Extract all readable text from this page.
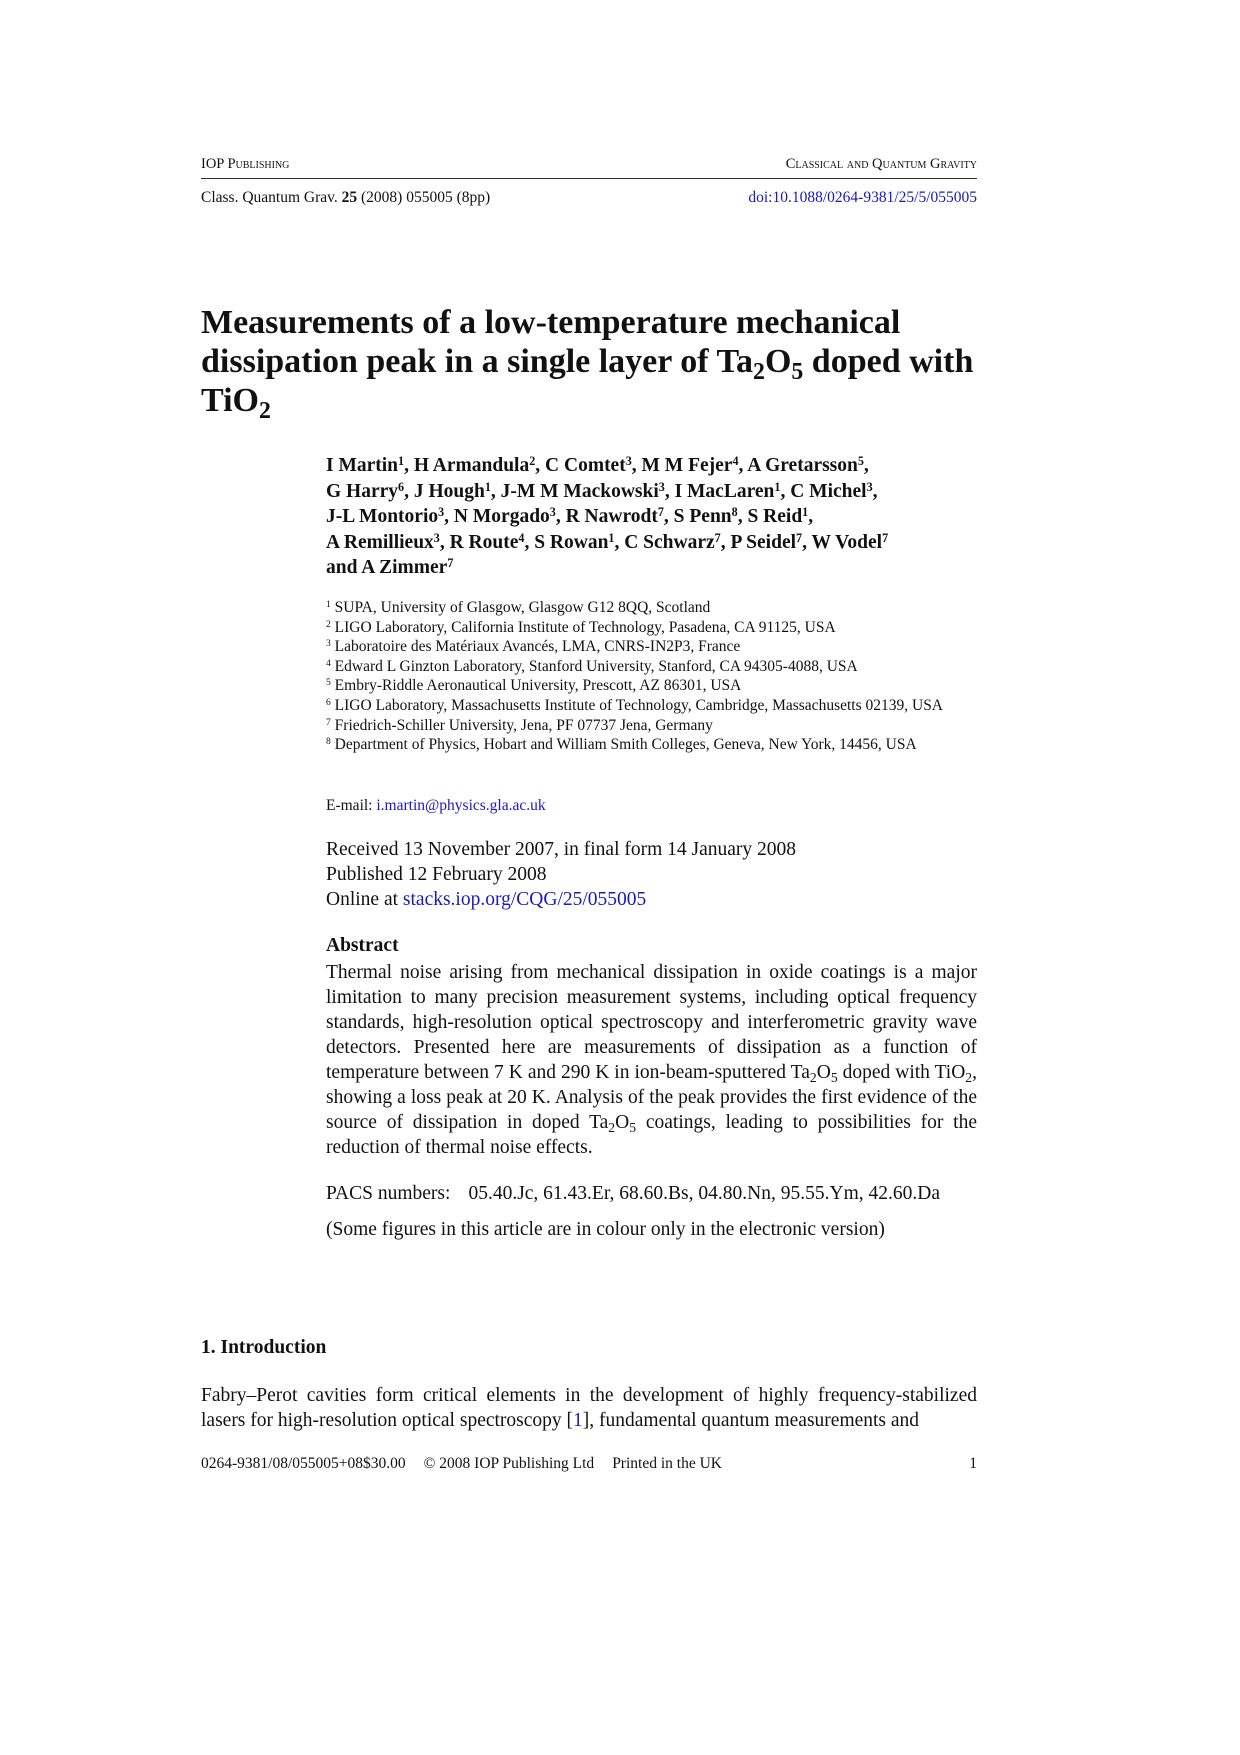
IOP Publishing	Classical and Quantum Gravity
Class. Quantum Grav. 25 (2008) 055005 (8pp)	doi:10.1088/0264-9381/25/5/055005
Measurements of a low-temperature mechanical
dissipation peak in a single layer of $Ta_2O_5$ doped with
TiO$_2$
I Martin$^1$, H Armandula$^2$, C Comtet$^3$, M M Fejer$^4$, A Gretarsson$^5$,
G Harry$^6$, J Hough$^1$, J-M M Mackowski$^3$, I MacLaren$^1$, C Michel$^3$,
J-L Montorio$^3$, N Morgado$^3$, R Nawrodt$^7$, S Penn$^8$, S Reid$^1$,
A Remillieux$^3$, R Route$^4$, S Rowan$^1$, C Schwarz$^7$, P Seidel$^7$, W Vodel$^7$
and A Zimmer$^7$
$^1$ SUPA, University of Glasgow, Glasgow G12 8QQ, Scotland
$^2$ LIGO Laboratory, California Institute of Technology, Pasadena, CA 91125, USA
$^3$ Laboratoire des Matériaux Avancés, LMA, CNRS-IN2P3, France
$^4$ Edward L Ginzton Laboratory, Stanford University, Stanford, CA 94305-4088, USA
$^5$ Embry-Riddle Aeronautical University, Prescott, AZ 86301, USA
$^6$ LIGO Laboratory, Massachusetts Institute of Technology, Cambridge, Massachusetts 02139, USA
$^7$ Friedrich-Schiller University, Jena, PF 07737 Jena, Germany
$^8$ Department of Physics, Hobart and William Smith Colleges, Geneva, New York, 14456, USA
E-mail: i.martin@physics.gla.ac.uk
Received 13 November 2007, in final form 14 January 2008
Published 12 February 2008
Online at stacks.iop.org/CQG/25/055005
Abstract
Thermal noise arising from mechanical dissipation in oxide coatings is a major limitation to many precision measurement systems, including optical frequency standards, high-resolution optical spectroscopy and interferometric gravity wave detectors. Presented here are measurements of dissipation as a function of temperature between 7 K and 290 K in ion-beam-sputtered $Ta_2O_5$ doped with TiO$_2$, showing a loss peak at 20 K. Analysis of the peak provides the first evidence of the source of dissipation in doped $Ta_2O_5$ coatings, leading to possibilities for the reduction of thermal noise effects.
PACS numbers: 05.40.Jc, 61.43.Er, 68.60.Bs, 04.80.Nn, 95.55.Ym, 42.60.Da
(Some figures in this article are in colour only in the electronic version)
1. Introduction
Fabry–Perot cavities form critical elements in the development of highly frequency-stabilized lasers for high-resolution optical spectroscopy [1], fundamental quantum measurements and
0264-9381/08/055005+08$30.00 © 2008 IOP Publishing Ltd Printed in the UK	1
